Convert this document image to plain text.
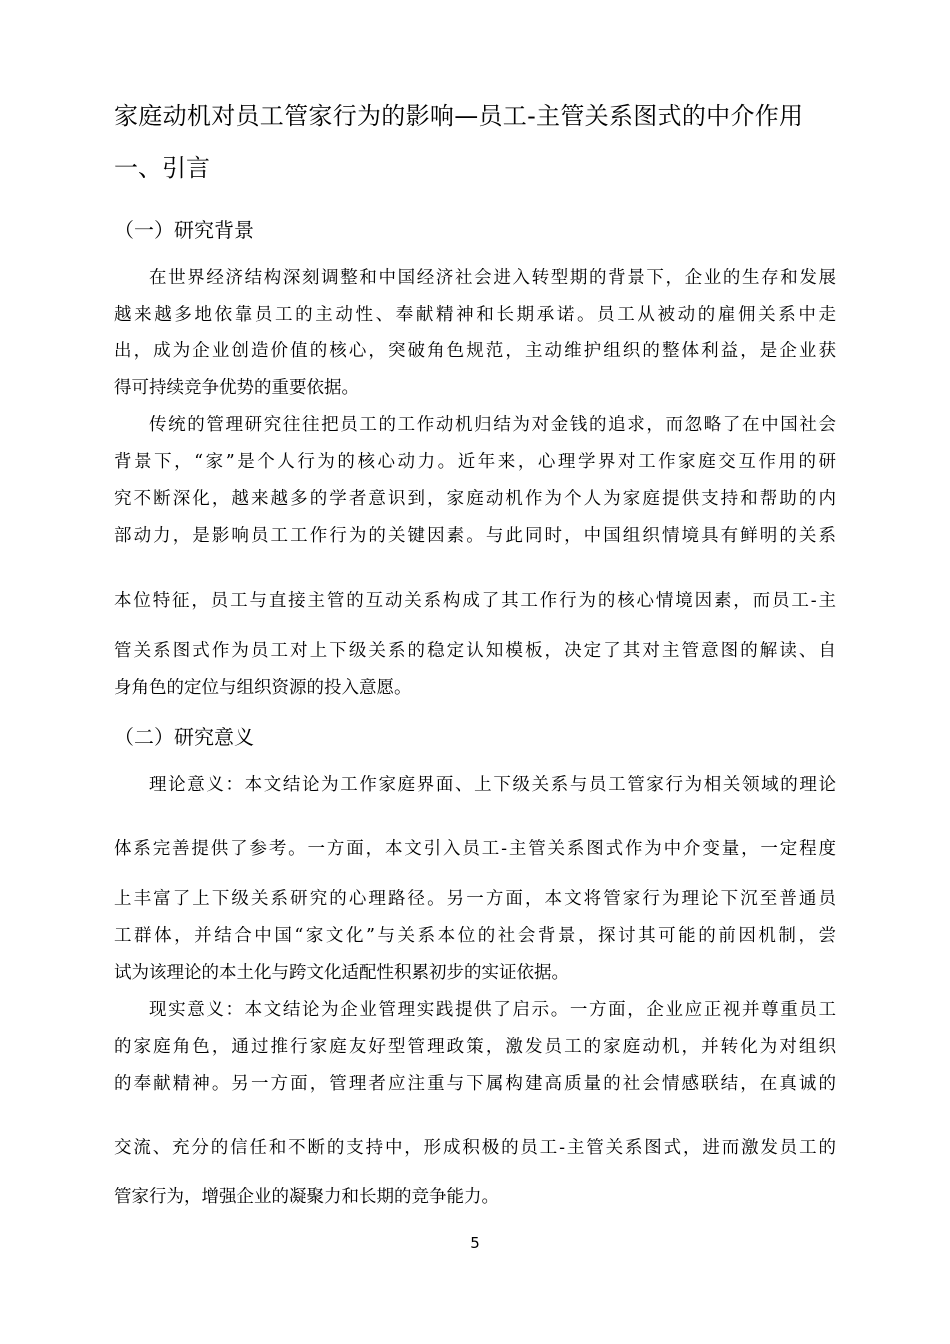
家庭动机对员工管家行为的影响—员工-主管关系图式的中介作用
一、引言
（一）研究背景
在世界经济结构深刻调整和中国经济社会进入转型期的背景下，企业的生存和发展
越来越多地依靠员工的主动性、奉献精神和长期承诺。员工从被动的雇佣关系中走
出，成为企业创造价值的核心，突破角色规范，主动维护组织的整体利益，是企业获
得可持续竞争优势的重要依据。
传统的管理研究往往把员工的工作动机归结为对金钱的追求，而忽略了在中国社会
背景下，“家”是个人行为的核心动力。近年来，心理学界对工作家庭交互作用的研
究不断深化，越来越多的学者意识到，家庭动机作为个人为家庭提供支持和帮助的内
部动力，是影响员工工作行为的关键因素。与此同时，中国组织情境具有鲜明的关系
本位特征，员工与直接主管的互动关系构成了其工作行为的核心情境因素，而员工-主
管关系图式作为员工对上下级关系的稳定认知模板，决定了其对主管意图的解读、自
身角色的定位与组织资源的投入意愿。
（二）研究意义
理论意义：本文结论为工作家庭界面、上下级关系与员工管家行为相关领域的理论
体系完善提供了参考。一方面，本文引入员工-主管关系图式作为中介变量，一定程度
上丰富了上下级关系研究的心理路径。另一方面，本文将管家行为理论下沉至普通员
工群体，并结合中国“家文化”与关系本位的社会背景，探讨其可能的前因机制，尝
试为该理论的本土化与跨文化适配性积累初步的实证依据。
现实意义：本文结论为企业管理实践提供了启示。一方面，企业应正视并尊重员工
的家庭角色，通过推行家庭友好型管理政策，激发员工的家庭动机，并转化为对组织
的奉献精神。另一方面，管理者应注重与下属构建高质量的社会情感联结，在真诚的
交流、充分的信任和不断的支持中，形成积极的员工-主管关系图式，进而激发员工的
管家行为，增强企业的凝聚力和长期的竞争能力。
5
